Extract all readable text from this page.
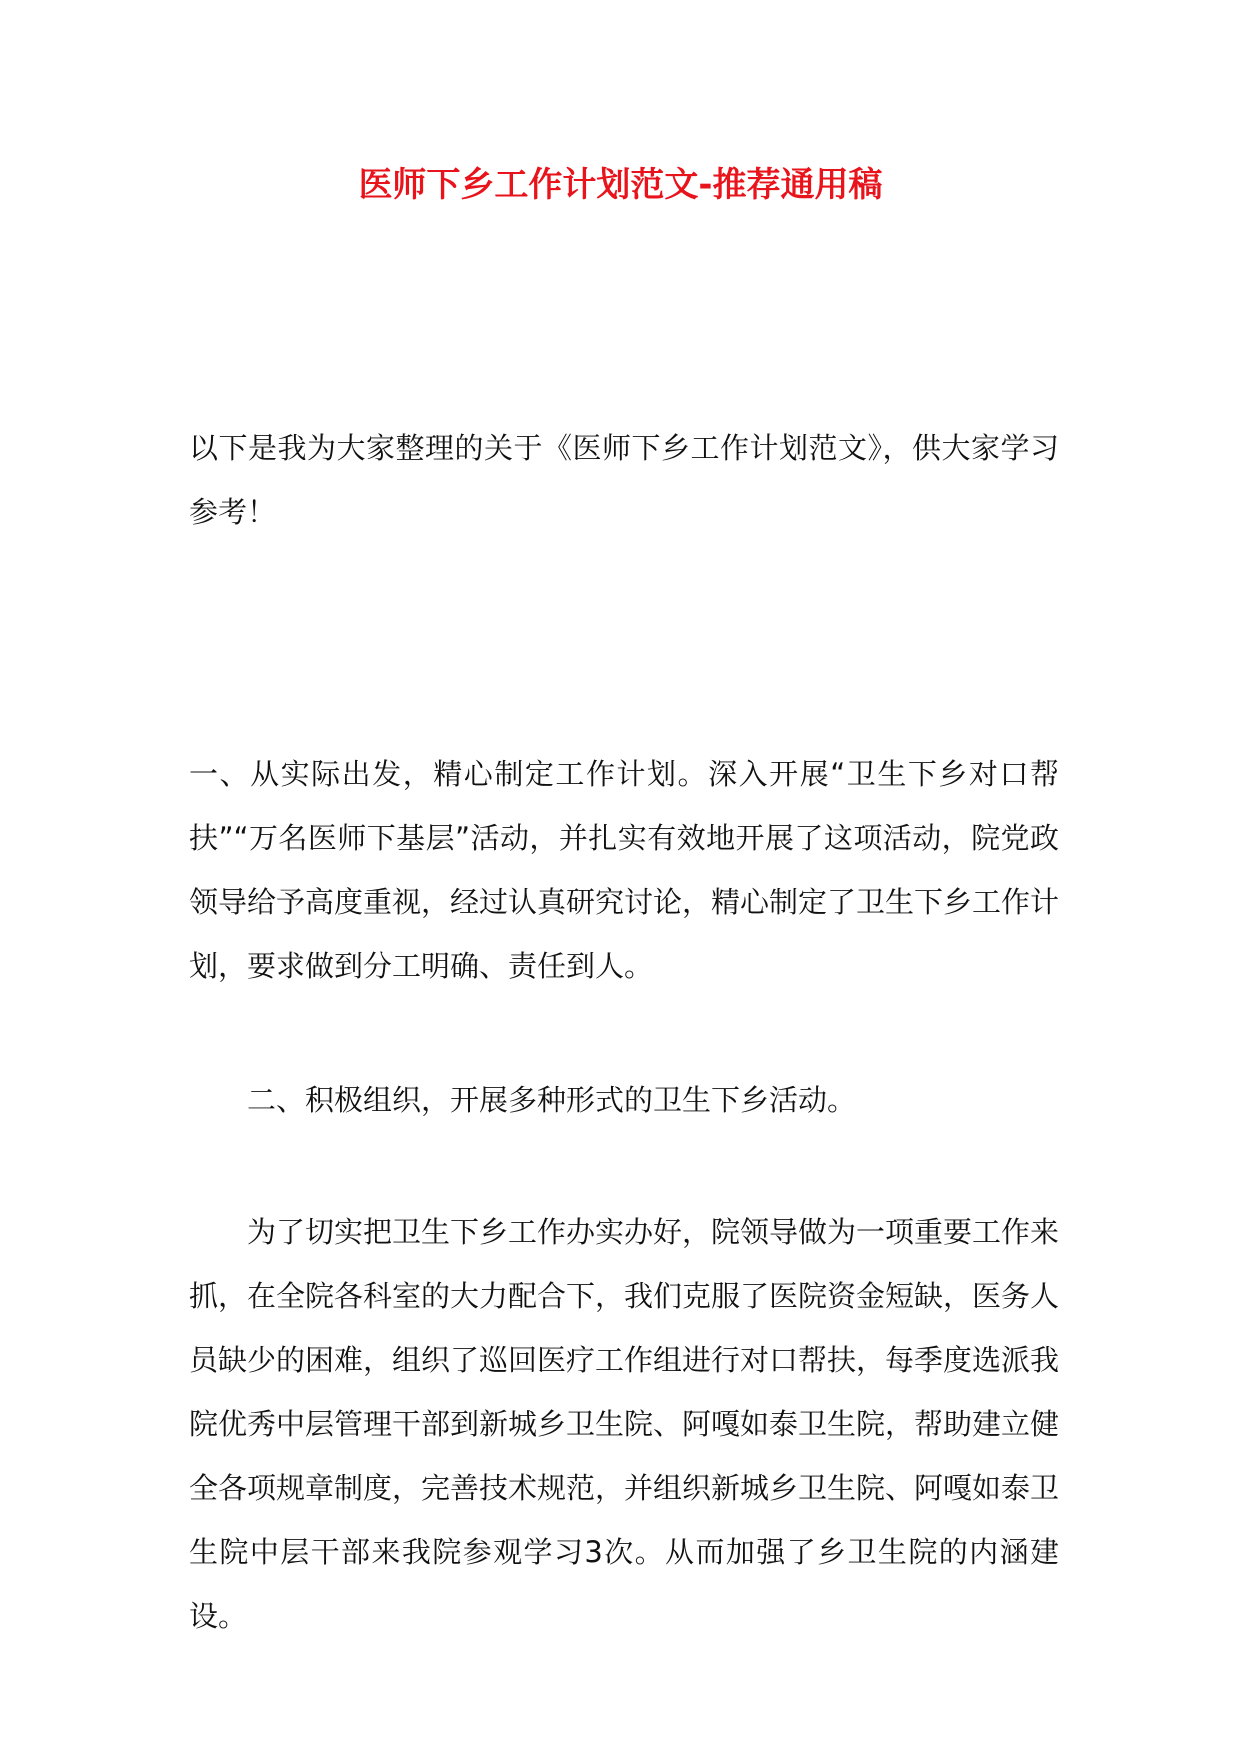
医师下乡工作计划范文-推荐通用稿

以下是我为大家整理的关于《医师下乡工作计划范文》，供大家学习参考！

一、从实际出发，精心制定工作计划。深入开展“卫生下乡对口帮扶”“万名医师下基层”活动，并扎实有效地开展了这项活动，院党政领导给予高度重视，经过认真研究讨论，精心制定了卫生下乡工作计划，要求做到分工明确、责任到人。

二、积极组织，开展多种形式的卫生下乡活动。

为了切实把卫生下乡工作办实办好，院领导做为一项重要工作来抓，在全院各科室的大力配合下，我们克服了医院资金短缺，医务人员缺少的困难，组织了巡回医疗工作组进行对口帮扶，每季度选派我院优秀中层管理干部到新城乡卫生院、阿嘎如泰卫生院，帮助建立健全各项规章制度，完善技术规范，并组织新城乡卫生院、阿嘎如泰卫生院中层干部来我院参观学习3次。从而加强了乡卫生院的内涵建设。
